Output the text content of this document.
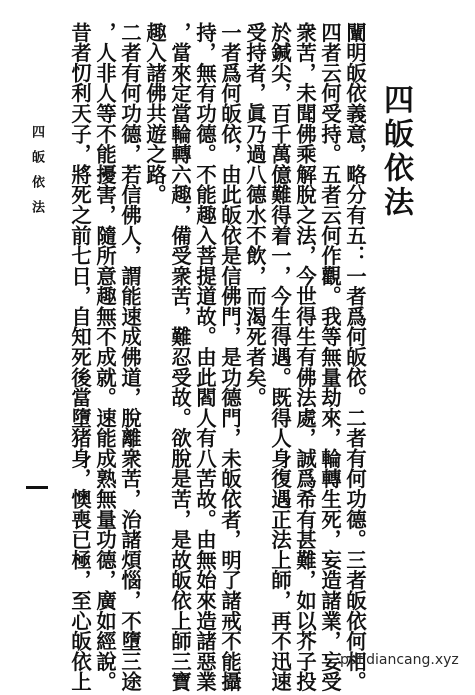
四皈依法
闡明皈依義意，略分有五：一者爲何皈依。二者有何功德。三者皈依何相。
四者云何受持。五者云何作觀。我等無量劫來，輪轉生死，妄造諸業，妄受
衆苦，未聞佛乘解脫之法，今世得生有佛法處，誠爲希有甚難，如以芥子投
於鍼尖，百千萬億難得着一，今生得遇。既得人身復遇正法上師，再不迅速
受持者，眞乃過八德水不飲，而渴死者矣。
一者爲何皈依，由此皈依是信佛門，是功德門，未皈依者，明了諸戒不能攝
持，無有功德。不能趣入菩提道故。由此閻人有八苦故。由無始來造諸惡業
，當來定當輪轉六趣，備受衆苦，難忍受故。欲脫是苦，是故皈依上師三寶
趣入諸佛共遊之路。
二者有何功德，若信佛人，謂能速成佛道，脫離衆苦，治諸煩惱，不墮三途
，人非人等不能擾害，隨所意趣無不成就。速能成熟無量功德，廣如經說。
昔者忉利天子，將死之前七日，自知死後當墮猪身，懊喪已極，至心皈依上
四皈依法
pdf.diancang.xyz
